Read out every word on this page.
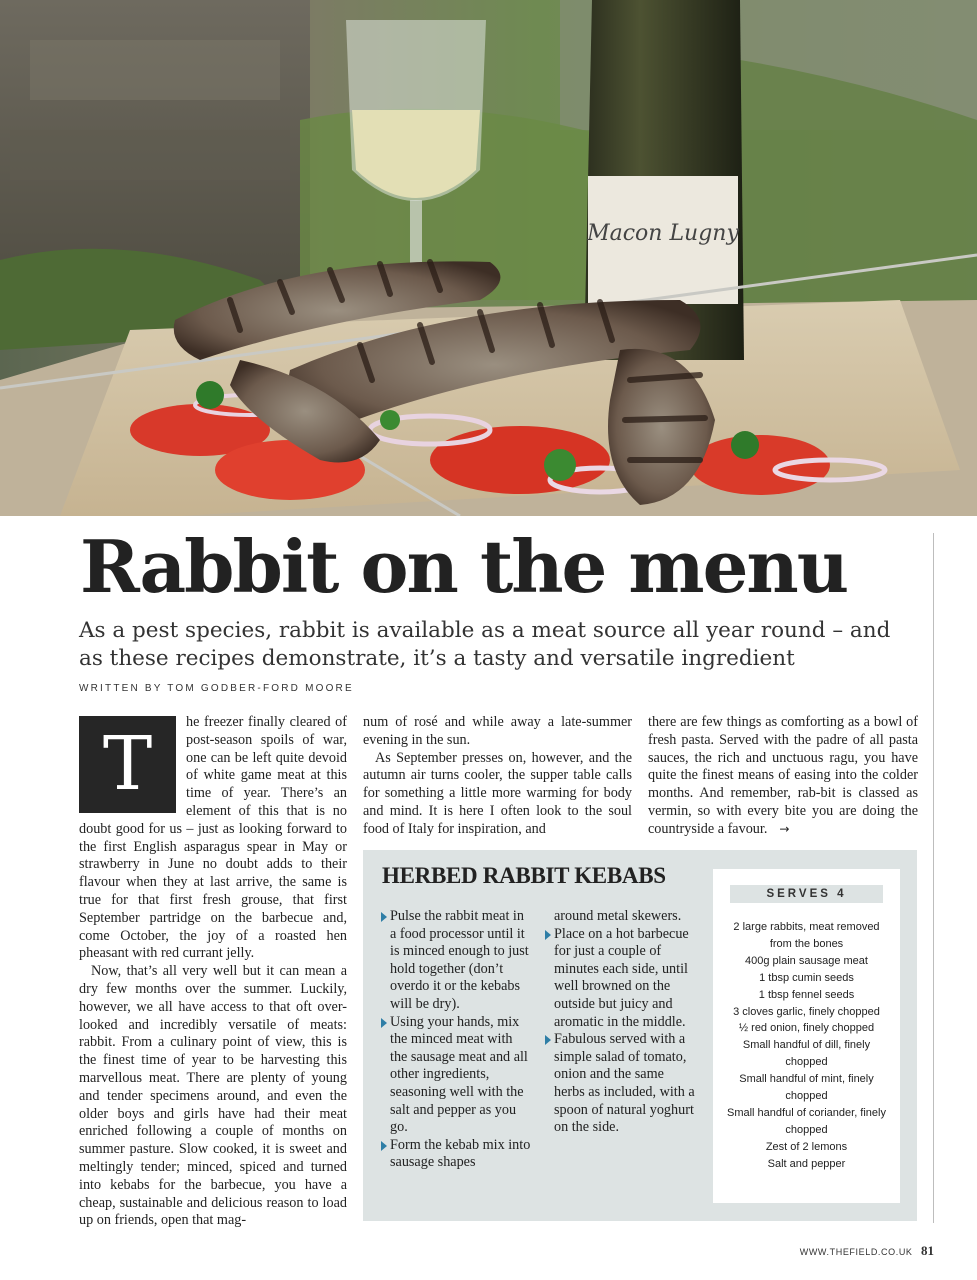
Macon Lugny
Rabbit on the menu

As a pest species, rabbit is available as a meat source all year round – and as these recipes demonstrate, it’s a tasty and versatile ingredient

WRITTEN BY TOM GODBER-FORD MOORE

T	he freezer finally cleared of post-season spoils of war, one can be left quite devoid of white game meat at this time of year. There’s an element of this that is no doubt good for us – just as looking forward to the first English asparagus spear in May or strawberry in June no doubt adds to their flavour when they at last arrive, the same is true for that first fresh grouse, that first September partridge on the barbecue and, come October, the joy of a roasted hen pheasant with red currant jelly.

Now, that’s all very well but it can mean a dry few months over the summer. Luckily, however, we all have access to that oft over-looked and incredibly versatile of meats: rabbit. From a culinary point of view, this is the finest time of year to be harvesting this marvellous meat. There are plenty of young and tender specimens around, and even the older boys and girls have had their meat enriched following a couple of months on summer pasture. Slow cooked, it is sweet and meltingly tender; minced, spiced and turned into kebabs for the barbecue, you have a cheap, sustainable and delicious reason to load up on friends, open that mag-

num of rosé and while away a late-summer evening in the sun.

As September presses on, however, and the autumn air turns cooler, the supper table calls for something a little more warming for body and mind. It is here I often look to the soul food of Italy for inspiration, and

there are few things as comforting as a bowl of fresh pasta. Served with the padre of all pasta sauces, the rich and unctuous ragu, you have quite the finest means of easing into the colder months. And remember, rab-bit is classed as vermin, so with every bite you are doing the countryside a favour. →

HERBED RABBIT KEBABS
Pulse the rabbit meat in a food processor until it is minced enough to just hold together (don’t overdo it or the kebabs will be dry).
Using your hands, mix the minced meat with the sausage meat and all other ingredients, seasoning well with the salt and pepper as you go.
Form the kebab mix into sausage shapes
around metal skewers.
Place on a hot barbecue for just a couple of minutes each side, until well browned on the outside but juicy and aromatic in the middle.
Fabulous served with a simple salad of tomato, onion and the same herbs as included, with a spoon of natural yoghurt on the side.
SERVES 4
2 large rabbits, meat removed from the bones
400g plain sausage meat
1 tbsp cumin seeds
1 tbsp fennel seeds
3 cloves garlic, finely chopped
½ red onion, finely chopped
Small handful of dill, finely chopped
Small handful of mint, finely chopped
Small handful of coriander, finely chopped
Zest of 2 lemons
Salt and pepper
WWW.THEFIELD.CO.UK 81
